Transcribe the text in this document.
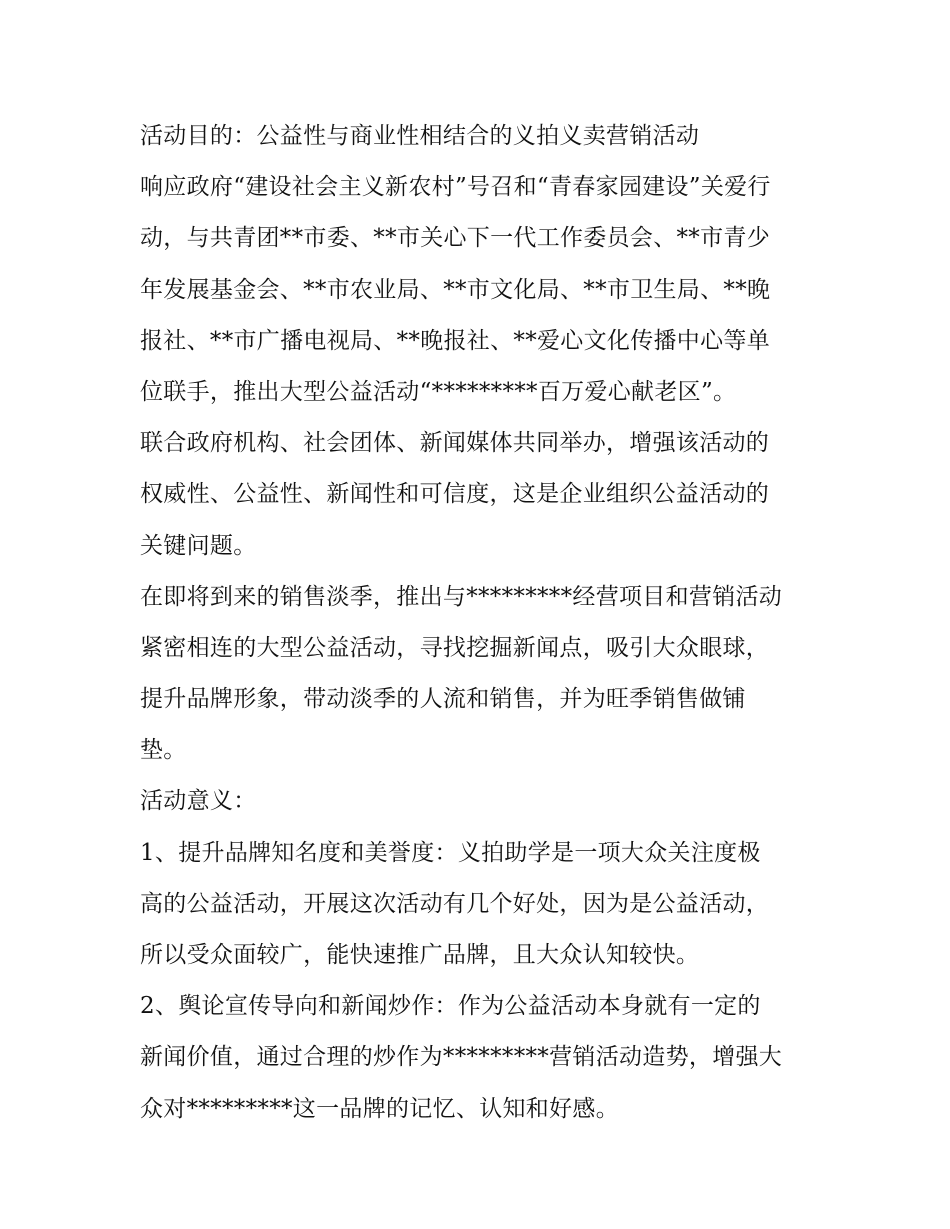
活动目的：公益性与商业性相结合的义拍义卖营销活动

响应政府“建设社会主义新农村”号召和“青春家园建设”关爱行
动，与共青团**市委、**市关心下一代工作委员会、**市青少
年发展基金会、**市农业局、**市文化局、**市卫生局、**晚
报社、**市广播电视局、**晚报社、**爱心文化传播中心等单
位联手，推出大型公益活动“*********百万爱心献老区”。

联合政府机构、社会团体、新闻媒体共同举办，增强该活动的
权威性、公益性、新闻性和可信度，这是企业组织公益活动的
关键问题。

在即将到来的销售淡季，推出与*********经营项目和营销活动
紧密相连的大型公益活动，寻找挖掘新闻点，吸引大众眼球，
提升品牌形象，带动淡季的人流和销售，并为旺季销售做铺
垫。

活动意义：

1、提升品牌知名度和美誉度：义拍助学是一项大众关注度极
高的公益活动，开展这次活动有几个好处，因为是公益活动，
所以受众面较广，能快速推广品牌，且大众认知较快。

2、舆论宣传导向和新闻炒作：作为公益活动本身就有一定的
新闻价值，通过合理的炒作为*********营销活动造势，增强大
众对*********这一品牌的记忆、认知和好感。
